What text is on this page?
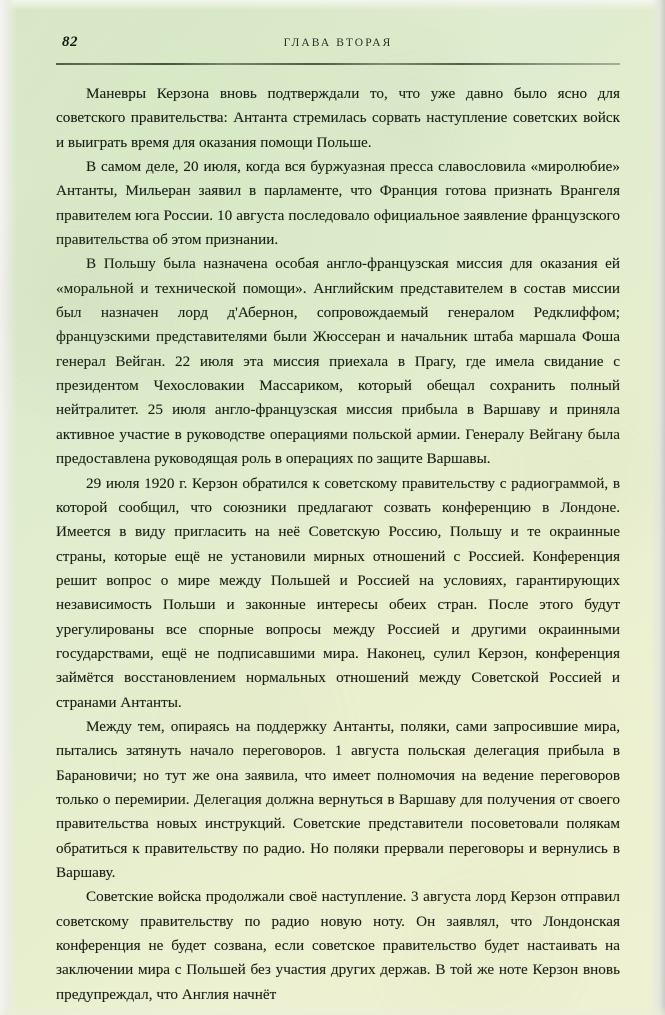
82	ГЛАВА ВТОРАЯ

Маневры Керзона вновь подтверждали то, что уже давно было ясно для советского правительства: Антанта стремилась сорвать наступление советских войск и выиграть время для оказания помощи Польше.

В самом деле, 20 июля, когда вся буржуазная пресса славословила «миролюбие» Антанты, Мильеран заявил в парламенте, что Франция готова признать Врангеля правителем юга России. 10 августа последовало официальное заявление французского правительства об этом признании.

В Польшу была назначена особая англо-французская миссия для оказания ей «моральной и технической помощи». Английским представителем в состав миссии был назначен лорд д'Абернон, сопровождаемый генералом Редклиффом; французскими представителями были Жюссеран и начальник штаба маршала Фоша генерал Вейган. 22 июля эта миссия приехала в Прагу, где имела свидание с президентом Чехословакии Массариком, который обещал сохранить полный нейтралитет. 25 июля англо-французская миссия прибыла в Варшаву и приняла активное участие в руководстве операциями польской армии. Генералу Вейгану была предоставлена руководящая роль в операциях по защите Варшавы.

29 июля 1920 г. Керзон обратился к советскому правительству с радиограммой, в которой сообщил, что союзники предлагают созвать конференцию в Лондоне. Имеется в виду пригласить на неё Советскую Россию, Польшу и те окраинные страны, которые ещё не установили мирных отношений с Россией. Конференция решит вопрос о мире между Польшей и Россией на условиях, гарантирующих независимость Польши и законные интересы обеих стран. После этого будут урегулированы все спорные вопросы между Россией и другими окраинными государствами, ещё не подписавшими мира. Наконец, сулил Керзон, конференция займётся восстановлением нормальных отношений между Советской Россией и странами Антанты.

Между тем, опираясь на поддержку Антанты, поляки, сами запросившие мира, пытались затянуть начало переговоров. 1 августа польская делегация прибыла в Барановичи; но тут же она заявила, что имеет полномочия на ведение переговоров только о перемирии. Делегация должна вернуться в Варшаву для получения от своего правительства новых инструкций. Советские представители посоветовали полякам обратиться к правительству по радио. Но поляки прервали переговоры и вернулись в Варшаву.

Советские войска продолжали своё наступление. 3 августа лорд Керзон отправил советскому правительству по радио новую ноту. Он заявлял, что Лондонская конференция не будет созвана, если советское правительство будет настаивать на заключении мира с Польшей без участия других держав. В той же ноте Керзон вновь предупреждал, что Англия начнёт
